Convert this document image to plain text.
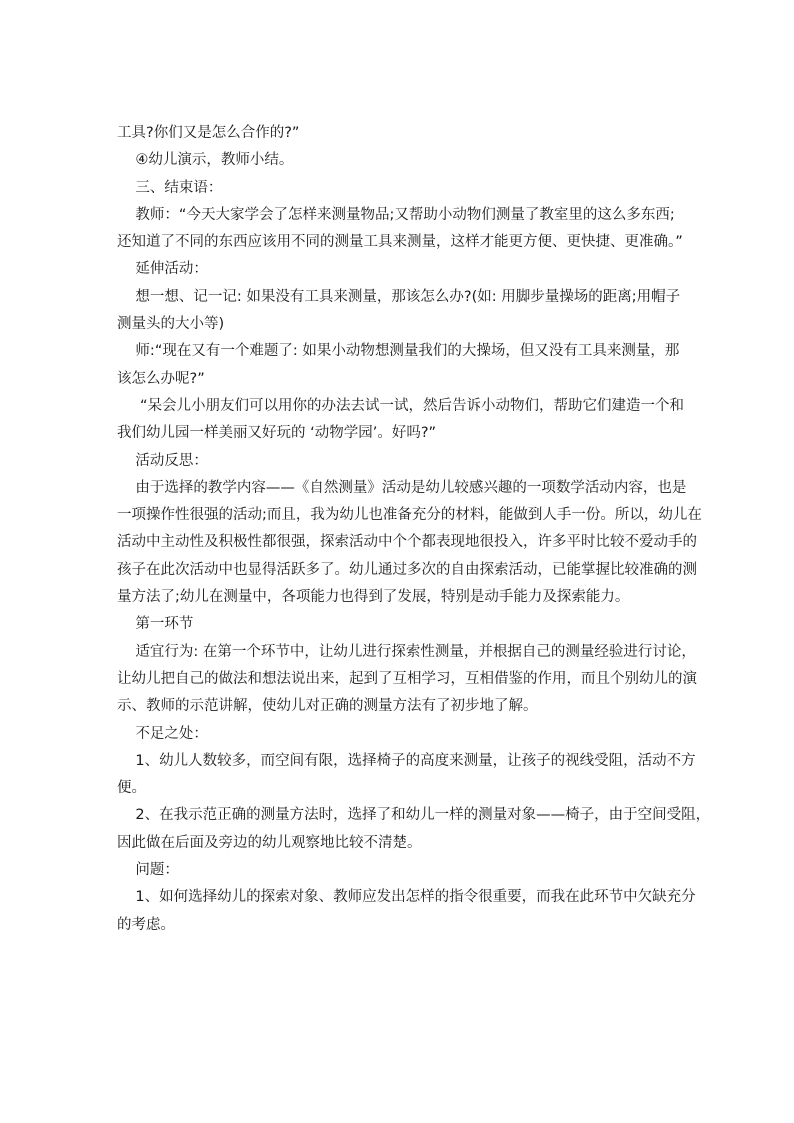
工具?你们又是怎么合作的?”

④幼儿演示，教师小结。

三、结束语：

教师：“今天大家学会了怎样来测量物品;又帮助小动物们测量了教室里的这么多东西;

还知道了不同的东西应该用不同的测量工具来测量，这样才能更方便、更快捷、更准确。”

延伸活动：

想一想、记一记: 如果没有工具来测量，那该怎么办?(如: 用脚步量操场的距离;用帽子

测量头的大小等)

师:“现在又有一个难题了: 如果小动物想测量我们的大操场，但又没有工具来测量，那

该怎么办呢?”

“呆会儿小朋友们可以用你的办法去试一试，然后告诉小动物们，帮助它们建造一个和

我们幼儿园一样美丽又好玩的 ‘动物学园’。好吗?”

活动反思：

由于选择的教学内容——《自然测量》活动是幼儿较感兴趣的一项数学活动内容，也是

一项操作性很强的活动;而且，我为幼儿也准备充分的材料，能做到人手一份。所以，幼儿在

活动中主动性及积极性都很强，探索活动中个个都表现地很投入，许多平时比较不爱动手的

孩子在此次活动中也显得活跃多了。幼儿通过多次的自由探索活动，已能掌握比较准确的测

量方法了;幼儿在测量中，各项能力也得到了发展，特别是动手能力及探索能力。

第一环节

适宜行为: 在第一个环节中，让幼儿进行探索性测量，并根据自己的测量经验进行讨论，

让幼儿把自己的做法和想法说出来，起到了互相学习，互相借鉴的作用，而且个别幼儿的演

示、教师的示范讲解，使幼儿对正确的测量方法有了初步地了解。

不足之处：

1、幼儿人数较多，而空间有限，选择椅子的高度来测量，让孩子的视线受阻，活动不方

便。

2、在我示范正确的测量方法时，选择了和幼儿一样的测量对象——椅子，由于空间受阻，

因此做在后面及旁边的幼儿观察地比较不清楚。

问题：

1、如何选择幼儿的探索对象、教师应发出怎样的指令很重要，而我在此环节中欠缺充分

的考虑。
